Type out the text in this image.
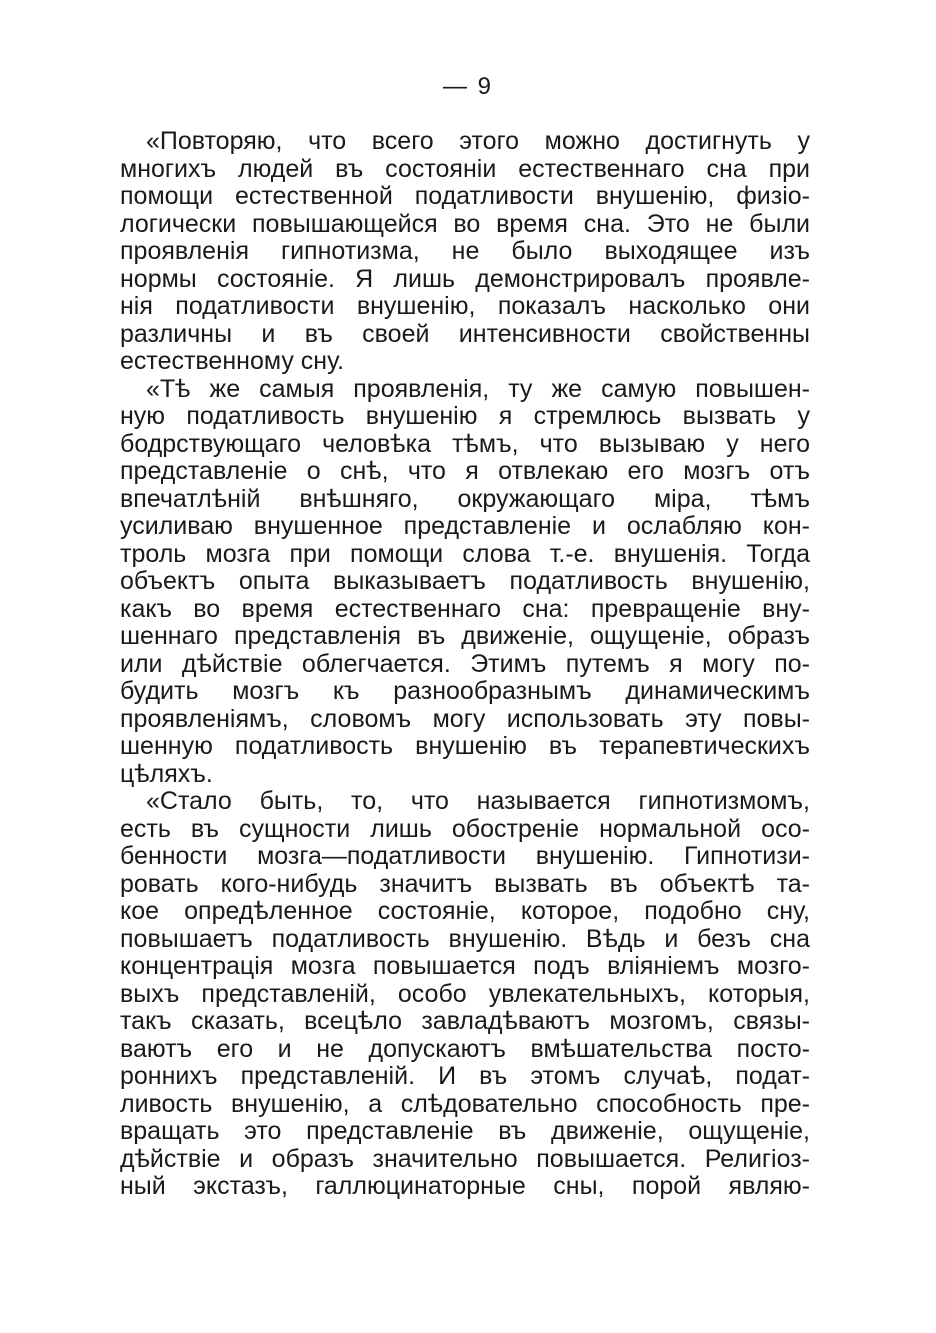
— 9
«Повторяю, что всего этого можно достигнуть у
многихъ людей въ состоянiи естественнаго сна при
помощи естественной податливости внушенiю, физiо-
логически повышающейся во время сна. Это не были
проявленiя гипнотизма, не было выходящее изъ
нормы состоянiе. Я лишь демонстрировалъ проявле-
нiя податливости внушенiю, показалъ насколько они
различны и въ своей интенсивности свойственны
естественному сну.
«Тѣ же самыя проявленiя, ту же самую повышен-
ную податливость внушенiю я стремлюсь вызвать у
бодрствующаго человѣка тѣмъ, что вызываю у него
представленiе о снѣ, что я отвлекаю его мозгъ отъ
впечатлѣнiй внѣшняго, окружающаго мiра, тѣмъ
усиливаю внушенное представленiе и ослабляю кон-
троль мозга при помощи слова т.-е. внушенiя. Тогда
объектъ опыта выказываетъ податливость внушенiю,
какъ во время естественнаго сна: превращенiе вну-
шеннаго представленiя въ движенiе, ощущенiе, образъ
или дѣйствiе облегчается. Этимъ путемъ я могу по-
будить мозгъ къ разнообразнымъ динамическимъ
проявленiямъ, словомъ могу использовать эту повы-
шенную податливость внушенiю въ терапевтическихъ
цѣляхъ.
«Стало быть, то, что называется гипнотизмомъ,
есть въ сущности лишь обостренiе нормальной осо-
бенности мозга—податливости внушенiю. Гипнотизи-
ровать кого-нибудь значитъ вызвать въ объектѣ та-
кое опредѣленное состоянiе, которое, подобно сну,
повышаетъ податливость внушенiю. Вѣдь и безъ сна
концентрацiя мозга повышается подъ влiянiемъ мозго-
выхъ представленiй, особо увлекательныхъ, которыя,
такъ сказать, всецѣло завладѣваютъ мозгомъ, связы-
ваютъ его и не допускаютъ вмѣшательства посто-
роннихъ представленiй. И въ этомъ случаѣ, подат-
ливость внушенiю, а слѣдовательно способность пре-
вращать это представленiе въ движенiе, ощущенiе,
дѣйствiе и образъ значительно повышается. Религiоз-
ный экстазъ, галлюцинаторные сны, порой являю-
